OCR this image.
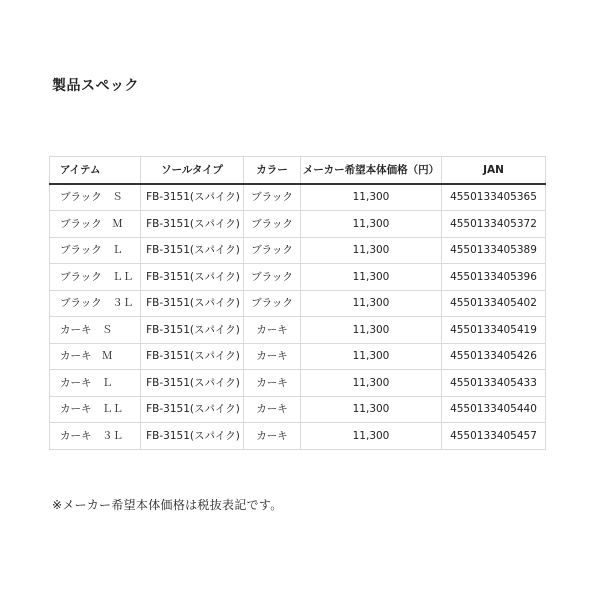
製品スペック
アイテム	ソールタイプ	カラー	メーカー希望本体価格（円）	JAN
ブラック　Ｓ	FB-3151(スパイク)	ブラック	11,300	4550133405365
ブラック　Ｍ	FB-3151(スパイク)	ブラック	11,300	4550133405372
ブラック　Ｌ	FB-3151(スパイク)	ブラック	11,300	4550133405389
ブラック　ＬＬ	FB-3151(スパイク)	ブラック	11,300	4550133405396
ブラック　３Ｌ	FB-3151(スパイク)	ブラック	11,300	4550133405402
カーキ　Ｓ	FB-3151(スパイク)	カーキ	11,300	4550133405419
カーキ　Ｍ	FB-3151(スパイク)	カーキ	11,300	4550133405426
カーキ　Ｌ	FB-3151(スパイク)	カーキ	11,300	4550133405433
カーキ　ＬＬ	FB-3151(スパイク)	カーキ	11,300	4550133405440
カーキ　３Ｌ	FB-3151(スパイク)	カーキ	11,300	4550133405457
※メーカー希望本体価格は税抜表記です。
